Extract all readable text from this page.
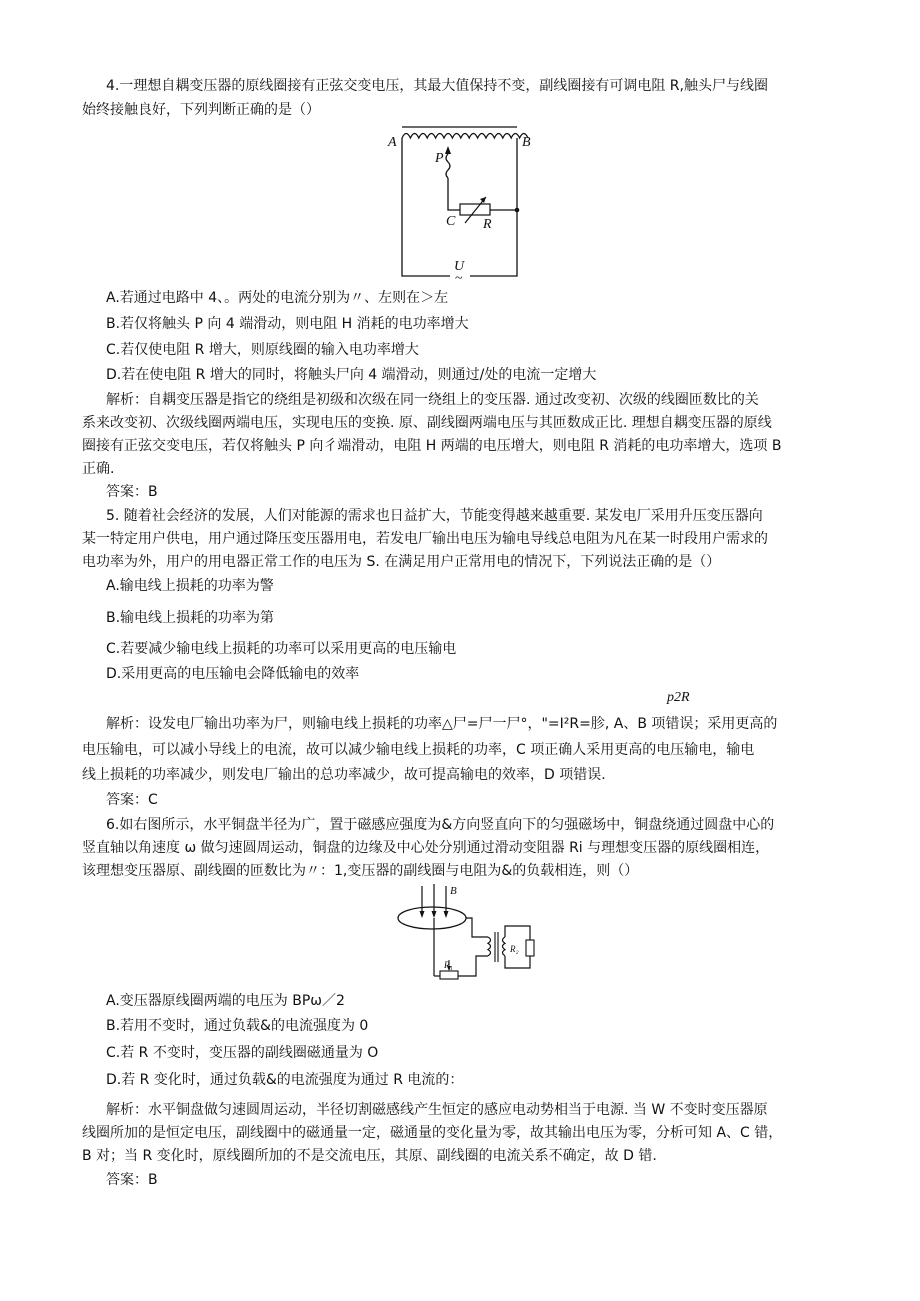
4.一理想自耦变压器的原线圈接有正弦交变电压，其最大值保持不变，副线圈接有可调电阻 R,触头尸与线圈
始终接触良好，下列判断正确的是（）
A	B
P
C R
U
~
A.若通过电路中 4、。两处的电流分别为〃、左则在＞左
B.若仅将触头 P 向 4 端滑动，则电阻 H 消耗的电功率增大
C.若仅使电阻 R 增大，则原线圈的输入电功率增大
D.若在使电阻 R 增大的同时，将触头尸向 4 端滑动，则通过/处的电流一定增大
解析：自耦变压器是指它的绕组是初级和次级在同一绕组上的变压器. 通过改变初、次级的线圈匝数比的关
系来改变初、次级线圈两端电压，实现电压的变换. 原、副线圈两端电压与其匝数成正比. 理想自耦变压器的原线
圈接有正弦交变电压，若仅将触头 P 向彳端滑动，电阻 H 两端的电压增大，则电阻 R 消耗的电功率增大，选项 B
正确.
答案：B
5. 随着社会经济的发展，人们对能源的需求也日益扩大，节能变得越来越重要. 某发电厂采用升压变压器向
某一特定用户供电，用户通过降压变压器用电，若发电厂输出电压为输电导线总电阻为凡在某一时段用户需求的
电功率为外，用户的用电器正常工作的电压为 S. 在满足用户正常用电的情况下，下列说法正确的是（）
A.输电线上损耗的功率为警
B.输电线上损耗的功率为第
C.若要减少输电线上损耗的功率可以采用更高的电压输电
D.采用更高的电压输电会降低输电的效率
p2R
解析：设发电厂输出功率为尸，则输电线上损耗的功率△尸=尸一尸°，"=I²R=胗, A、B 项错误；采用更高的
电压输电，可以减小导线上的电流，故可以减少输电线上损耗的功率，C 项正确人采用更高的电压输电，输电
线上损耗的功率减少，则发电厂输出的总功率减少，故可提高输电的效率，D 项错误.
答案：C
6.如右图所示，水平铜盘半径为广，置于磁感应强度为&方向竖直向下的匀强磁场中，铜盘绕通过圆盘中心的
竖直轴以角速度 ω 做匀速圆周运动，铜盘的边缘及中心处分别通过滑动变阻器 Ri 与理想变压器的原线圈相连，
该理想变压器原、副线圈的匝数比为〃：1,变压器的副线圈与电阻为&的负载相连，则（）
B
R₁
R₂
A.变压器原线圈两端的电压为 BPω／2
B.若用不变时，通过负载&的电流强度为 0
C.若 R 不变时，变压器的副线圈磁通量为 O
D.若 R 变化时，通过负载&的电流强度为通过 R 电流的：
解析：水平铜盘做匀速圆周运动，半径切割磁感线产生恒定的感应电动势相当于电源. 当 W 不变时变压器原
线圈所加的是恒定电压，副线圈中的磁通量一定，磁通量的变化量为零，故其输出电压为零，分析可知 A、C 错，
B 对；当 R 变化时，原线圈所加的不是交流电压，其原、副线圈的电流关系不确定，故 D 错.
答案：B
